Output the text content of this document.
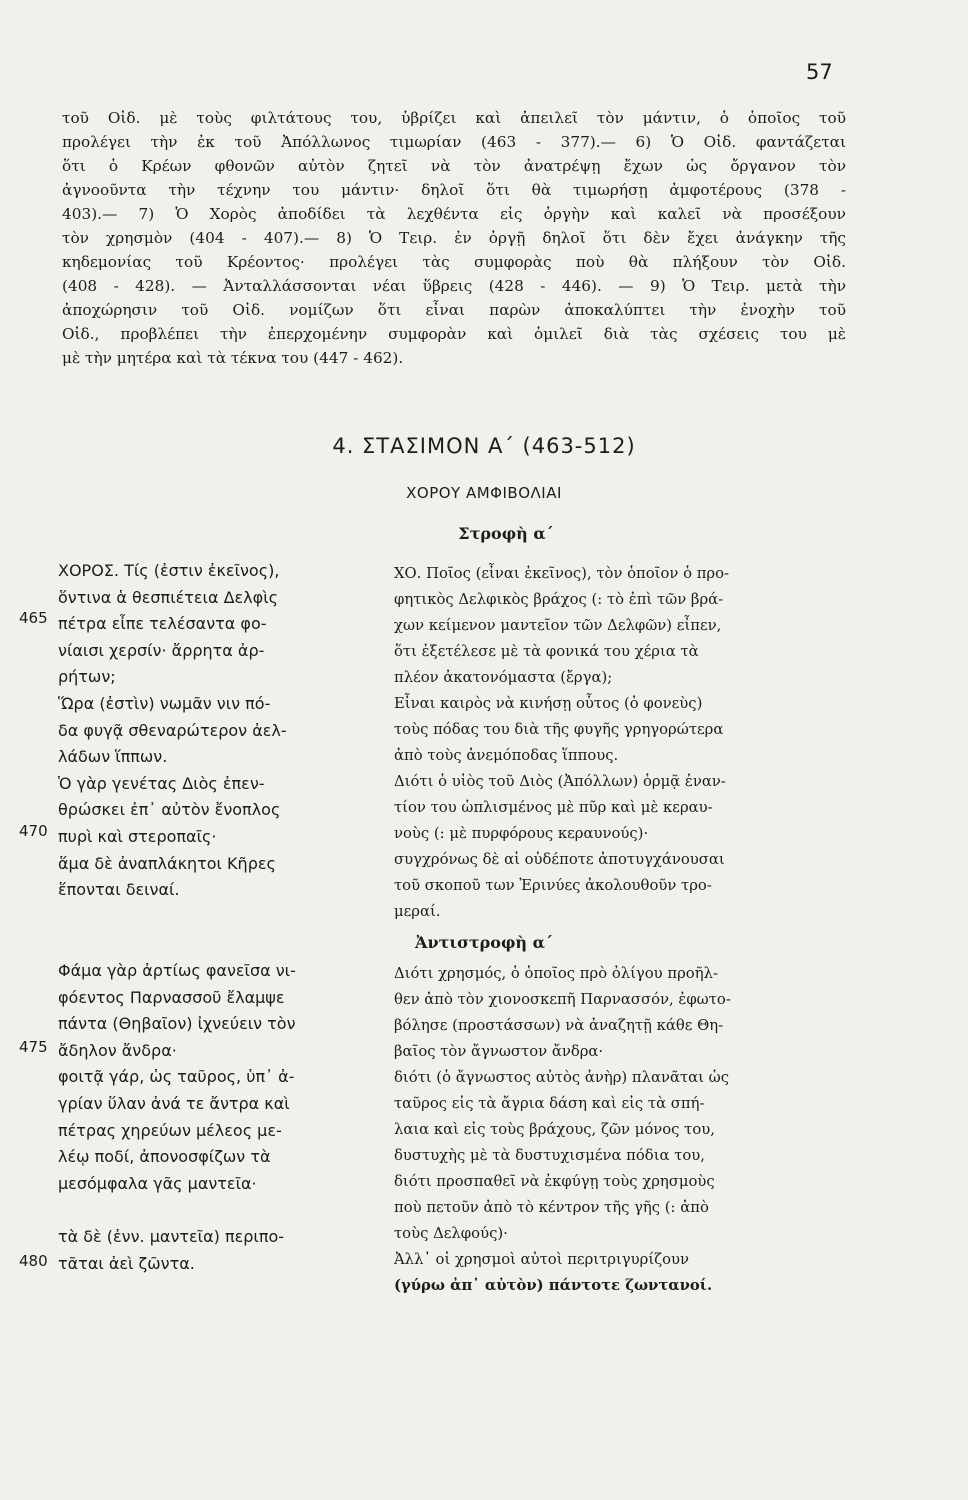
57
τοῦ Οἰδ. μὲ τοὺς φιλτάτους του, ὑβρίζει καὶ ἀπειλεῖ τὸν μάντιν, ὁ ὁποῖος τοῦ
προλέγει τὴν ἐκ τοῦ Ἀπόλλωνος τιμωρίαν (463 - 377).— 6) Ὁ Οἰδ. φαντάζεται
ὅτι ὁ Κρέων φθονῶν αὐτὸν ζητεῖ νὰ τὸν ἀνατρέψῃ ἔχων ὡς ὄργανον τὸν
ἀγνοοῦντα τὴν τέχνην του μάντιν· δηλοῖ ὅτι θὰ τιμωρήσῃ ἀμφοτέρους (378 -
403).— 7) Ὁ Χορὸς ἀποδίδει τὰ λεχθέντα εἰς ὀργὴν καὶ καλεῖ νὰ προσέξουν
τὸν χρησμὸν (404 - 407).— 8) Ὁ Τειρ. ἐν ὀργῇ δηλοῖ ὅτι δὲν ἔχει ἀνάγκην τῆς
κηδεμονίας τοῦ Κρέοντος· προλέγει τὰς συμφορὰς ποὺ θὰ πλήξουν τὸν Οἰδ.
(408 - 428). — Ἀνταλλάσσονται νέαι ὕβρεις (428 - 446). — 9) Ὁ Τειρ. μετὰ τὴν
ἀποχώρησιν τοῦ Οἰδ. νομίζων ὅτι εἶναι παρὼν ἀποκαλύπτει τὴν ἐνοχὴν τοῦ
Οἰδ., προβλέπει τὴν ἐπερχομένην συμφορὰν καὶ ὁμιλεῖ διὰ τὰς σχέσεις του μὲ
μὲ τὴν μητέρα καὶ τὰ τέκνα του (447 - 462).
4. ΣΤΑΣΙΜΟΝ Α΄ (463-512)
ΧΟΡΟΥ ΑΜΦΙΒΟΛΙΑΙ
Στροφὴ α΄
ΧΟΡΟΣ. Τίς (ἐστιν ἐκεῖνος),
ὅντινα ἁ θεσπιέτεια Δελφὶς
πέτρα εἶπε τελέσαντα φο-
νίαισι χερσίν· ἄρρητα ἀρ-
ρήτων;
Ὥρα (ἐστὶν) νωμᾶν νιν πό-
δα φυγᾷ σθεναρώτερον ἀελ-
λάδων ἵππων.
Ὁ γὰρ γενέτας Διὸς ἐπεν-
θρώσκει ἐπ᾽ αὐτὸν ἔνοπλος
πυρὶ καὶ στεροπαῖς·
ἅμα δὲ ἀναπλάκητοι Κῆρες
ἕπονται δειναί.
ΧΟ. Ποῖος (εἶναι ἐκεῖνος), τὸν ὁποῖον ὁ προ-
φητικὸς Δελφικὸς βράχος (: τὸ ἐπὶ τῶν βρά-
χων κείμενον μαντεῖον τῶν Δελφῶν) εἶπεν,
ὅτι ἐξετέλεσε μὲ τὰ φονικά του χέρια τὰ
πλέον ἀκατονόμαστα (ἔργα);
Εἶναι καιρὸς νὰ κινήσῃ οὗτος (ὁ φονεὺς)
τοὺς πόδας του διὰ τῆς φυγῆς γρηγορώτερα
ἀπὸ τοὺς ἀνεμόποδας ἵππους.
Διότι ὁ υἱὸς τοῦ Διὸς (Ἀπόλλων) ὁρμᾷ ἐναν-
τίον του ὡπλισμένος μὲ πῦρ καὶ μὲ κεραυ-
νοὺς (: μὲ πυρφόρους κεραυνούς)·
συγχρόνως δὲ αἱ οὐδέποτε ἀποτυγχάνουσαι
τοῦ σκοποῦ των Ἐρινύες ἀκολουθοῦν τρο-
μεραί.
Ἀντιστροφὴ α΄
Φάμα γὰρ ἀρτίως φανεῖσα νι-
φόεντος Παρνασσοῦ ἔλαμψε
πάντα (Θηβαῖον) ἰχνεύειν τὸν
ἄδηλον ἄνδρα·
φοιτᾷ γάρ, ὡς ταῦρος, ὑπ᾽ ἀ-
γρίαν ὕλαν ἀνά τε ἄντρα καὶ
πέτρας χηρεύων μέλεος με-
λέῳ ποδί, ἀπονοσφίζων τὰ
μεσόμφαλα γᾶς μαντεῖα·
τὰ δὲ (ἐνν. μαντεῖα) περιπο-
τᾶται ἀεὶ ζῶντα.
Διότι χρησμός, ὁ ὁποῖος πρὸ ὀλίγου προῆλ-
θεν ἀπὸ τὸν χιονοσκεπῆ Παρνασσόν, ἐφωτο-
βόλησε (προστάσσων) νὰ ἀναζητῇ κάθε Θη-
βαῖος τὸν ἄγνωστον ἄνδρα·
διότι (ὁ ἄγνωστος αὐτὸς ἀνὴρ) πλανᾶται ὡς
ταῦρος εἰς τὰ ἄγρια δάση καὶ εἰς τὰ σπή-
λαια καὶ εἰς τοὺς βράχους, ζῶν μόνος του,
δυστυχὴς μὲ τὰ δυστυχισμένα πόδια του,
διότι προσπαθεῖ νὰ ἐκφύγῃ τοὺς χρησμοὺς
ποὺ πετοῦν ἀπὸ τὸ κέντρον τῆς γῆς (: ἀπὸ
τοὺς Δελφούς)·
Ἀλλ᾽ οἱ χρησμοὶ αὐτοὶ περιτριγυρίζουν
(γύρω ἀπ᾽ αὐτὸν) πάντοτε ζωντανοί.
465
470
475
480
